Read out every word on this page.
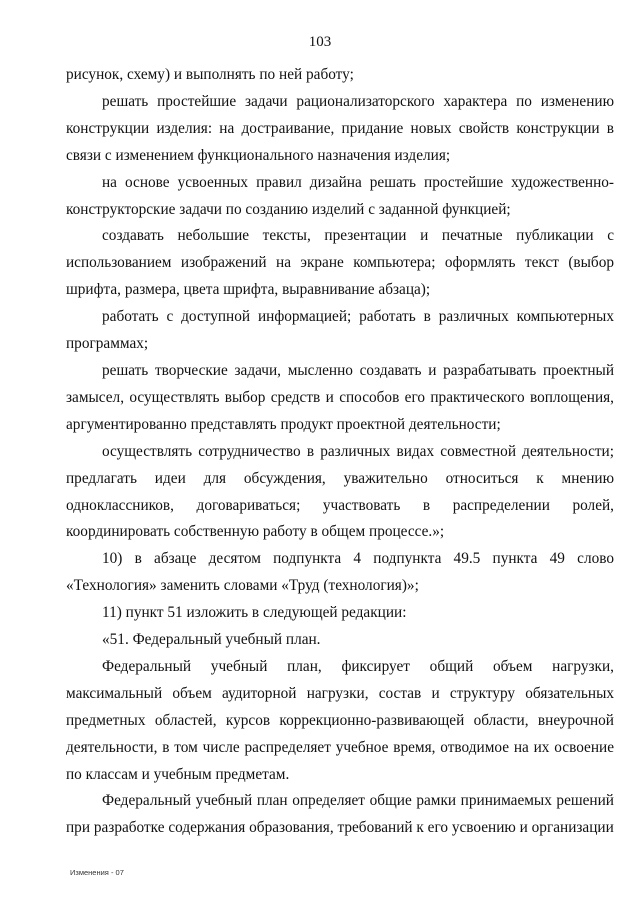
103

рисунок, схему) и выполнять по ней работу;

решать простейшие задачи рационализаторского характера по изменению конструкции изделия: на достраивание, придание новых свойств конструкции в связи с изменением функционального назначения изделия;

на основе усвоенных правил дизайна решать простейшие художественно-конструкторские задачи по созданию изделий с заданной функцией;

создавать небольшие тексты, презентации и печатные публикации с использованием изображений на экране компьютера; оформлять текст (выбор шрифта, размера, цвета шрифта, выравнивание абзаца);

работать с доступной информацией; работать в различных компьютерных программах;

решать творческие задачи, мысленно создавать и разрабатывать проектный замысел, осуществлять выбор средств и способов его практического воплощения, аргументированно представлять продукт проектной деятельности;

осуществлять сотрудничество в различных видах совместной деятельности; предлагать идеи для обсуждения, уважительно относиться к мнению одноклассников, договариваться; участвовать в распределении ролей, координировать собственную работу в общем процессе.»;

10) в абзаце десятом подпункта 4 подпункта 49.5 пункта 49 слово «Технология» заменить словами «Труд (технология)»;

11) пункт 51 изложить в следующей редакции:

«51. Федеральный учебный план.

Федеральный учебный план, фиксирует общий объем нагрузки, максимальный объем аудиторной нагрузки, состав и структуру обязательных предметных областей, курсов коррекционно-развивающей области, внеурочной деятельности, в том числе распределяет учебное время, отводимое на их освоение по классам и учебным предметам.

Федеральный учебный план определяет общие рамки принимаемых решений при разработке содержания образования, требований к его усвоению и организации

Изменения - 07
